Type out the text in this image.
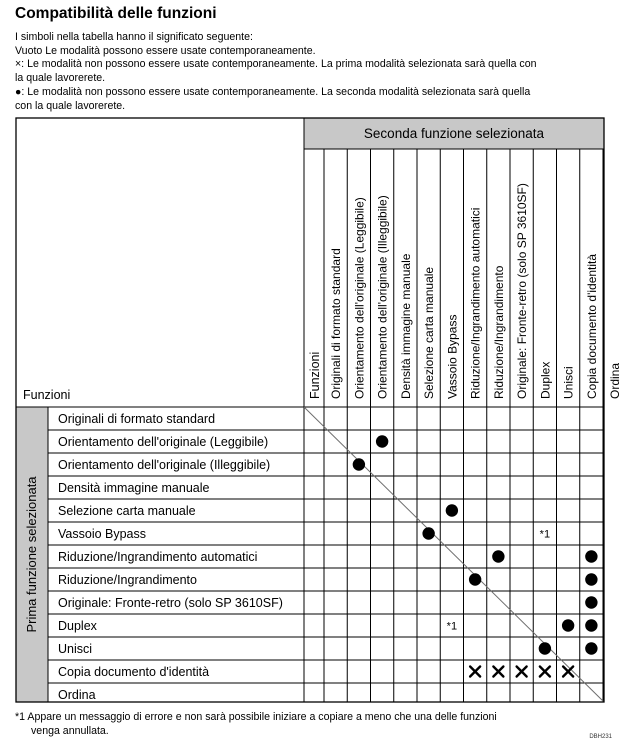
Compatibilità delle funzioni

I simboli nella tabella hanno il significato seguente:

Vuoto Le modalità possono essere usate contemporaneamente.

×: Le modalità non possono essere usate contemporaneamente. La prima modalità selezionata sarà quella con

la quale lavorerete.

●: Le modalità non possono essere usate contemporaneamente. La seconda modalità selezionata sarà quella

con la quale lavorerete.

Seconda funzione selezionata
Funzioni	Funzioni
Prima funzione selezionata
Originali di formato standard Orientamento dell'originale (Leggibile) Orientamento dell'originale (Illeggibile) Densità immagine manuale Selezione carta manuale Vassoio Bypass Riduzione/Ingrandimento automatici Riduzione/Ingrandimento Originale: Fronte-retro (solo SP 3610SF) Duplex Unisci Copia documento d'identità Ordina
Originali di formato standard
Orientamento dell'originale (Leggibile)
Orientamento dell'originale (Illeggibile)
Densità immagine manuale
Selezione carta manuale
Vassoio Bypass
Riduzione/Ingrandimento automatici
Riduzione/Ingrandimento
Originale: Fronte-retro (solo SP 3610SF)
Duplex
Unisci
Copia documento d'identità
Ordina
*1
*1

*1 Appare un messaggio di errore e non sarà possibile iniziare a copiare a meno che una delle funzioni

venga annullata.

DBH231
